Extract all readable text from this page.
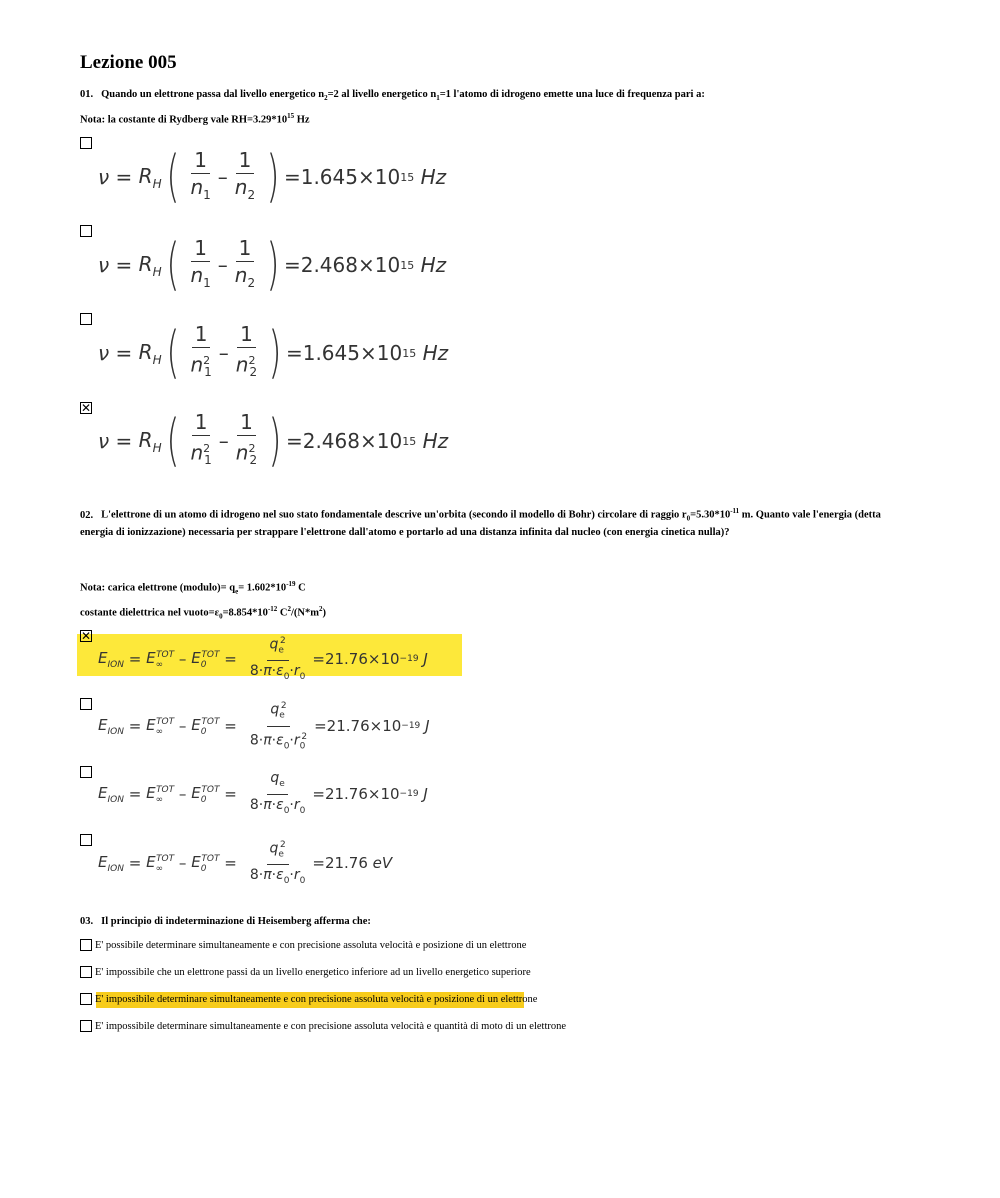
Lezione 005
01. Quando un elettrone passa dal livello energetico $n_2=2$ al livello energetico $n_1=1$ l'atomo di idrogeno emette una luce di frequenza pari a:
Nota: la costante di Rydberg vale $RH=3.29*10^{15}$ Hz
$\nu = R_H$ ( $\frac{1}{n_1} - \frac{1}{n_2}$ ) =1.645×10 15
Hz
$\nu = R_H$ ( $\frac{1}{n_1} - \frac{1}{n_2}$ ) =2.468×10 15
Hz
$\nu = R_H$ ( $\frac{1}{n^2_1} - \frac{1}{n^2_2}$ ) =1.645×10 15
Hz
✕
$\nu = R_H$ ( $\frac{1}{n^2_1} - \frac{1}{n^2_2}$ ) =2.468×10 15
Hz
02. L'elettrone di un atomo di idrogeno nel suo stato fondamentale descrive un'orbita (secondo il modello di Bohr) circolare di raggio $r_0=5.30*10^{-11}$ m. Quanto vale l'energia (detta energia di ionizzazione) necessaria per strappare l'elettrone dall'atomo e portarlo ad una distanza infinita dal nucleo (con energia cinetica nulla)?
Nota: carica elettrone (modulo)= $q_e= 1.602*10^{-19}$ C
costante dielettrica nel $vuoto=\varepsilon_0=8.854*10^{-12}$ $C^2/(N*m^2)$
✕
$E_{ION} = E_\infty^{TOT} - E_0^{TOT} = \frac{q_e^2}{8\cdot\pi\cdot\varepsilon_0\cdot r_0} =21.76\times 10 -19$
J
$E_{ION} = E_\infty^{TOT} - E_0^{TOT} = \frac{q_e^2}{8\cdot\pi\cdot\varepsilon_0\cdot r_0^2} =21.76\times 10 -19$
J
$E_{ION} = E_\infty^{TOT} - E_0^{TOT} = \frac{q_e}{8\cdot\pi\cdot\varepsilon_0\cdot r_0} =21.76\times 10 -19$
J
$E_{ION} = E_\infty^{TOT} - E_0^{TOT} = \frac{q_e^2}{8\cdot\pi\cdot\varepsilon_0\cdot r_0} =21.76$
eV
03. Il principio di indeterminazione di Heisemberg afferma che:
E' possibile determinare simultaneamente e con precisione assoluta velocità e posizione di un elettrone
E' impossibile che un elettrone passi da un livello energetico inferiore ad un livello energetico superiore
E' impossibile determinare simultaneamente e con precisione assoluta velocità e posizione di un elettrone
E' impossibile determinare simultaneamente e con precisione assoluta velocità e quantità di moto di un elettrone
